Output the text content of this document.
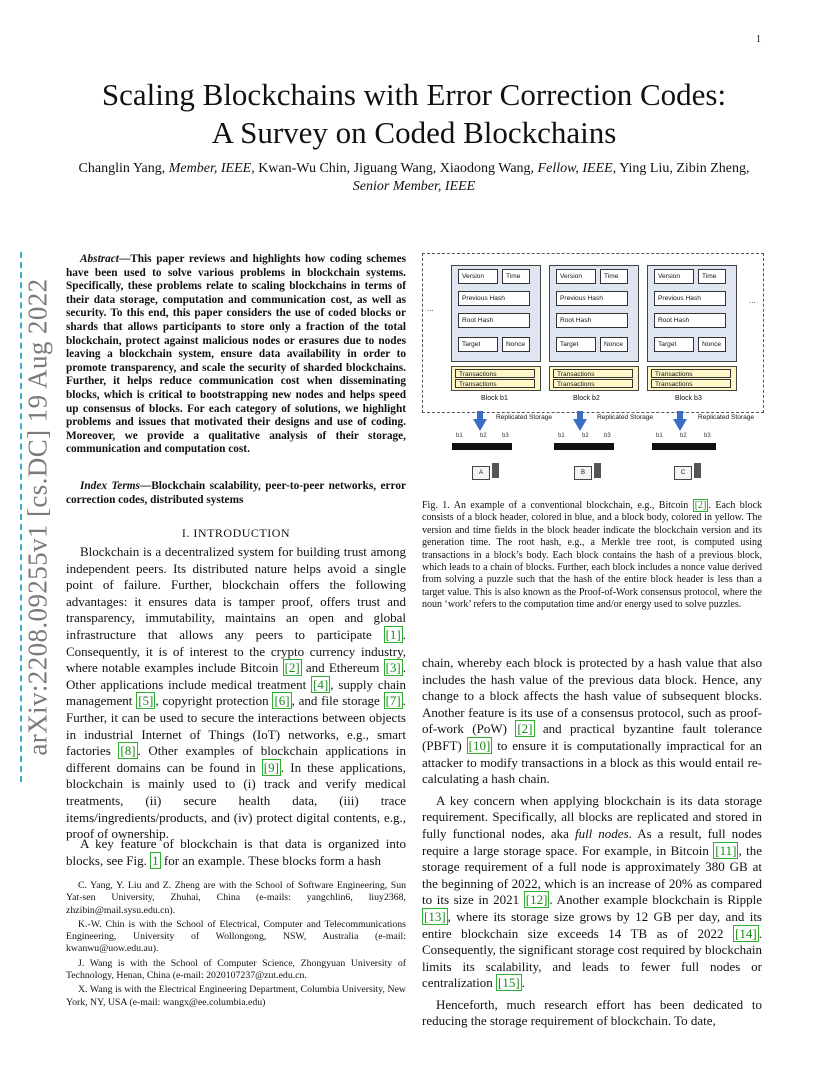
1
arXiv:2208.09255v1 [cs.DC] 19 Aug 2022
Scaling Blockchains with Error Correction Codes:
A Survey on Coded Blockchains
Changlin Yang, Member, IEEE, Kwan-Wu Chin, Jiguang Wang, Xiaodong Wang, Fellow, IEEE, Ying Liu, Zibin Zheng, Senior Member, IEEE

Abstract—This paper reviews and highlights how coding schemes have been used to solve various problems in blockchain systems. Specifically, these problems relate to scaling blockchains in terms of their data storage, computation and communication cost, as well as security. To this end, this paper considers the use of coded blocks or shards that allows participants to store only a fraction of the total blockchain, protect against malicious nodes or erasures due to nodes leaving a blockchain system, ensure data availability in order to promote transparency, and scale the security of sharded blockchains. Further, it helps reduce communication cost when disseminating blocks, which is critical to bootstrapping new nodes and helps speed up consensus of blocks. For each category of solutions, we highlight problems and issues that motivated their designs and use of coding. Moreover, we provide a qualitative analysis of their storage, communication and computation cost.

Index Terms—Blockchain scalability, peer-to-peer networks, error correction codes, distributed systems

I. INTRODUCTION

Blockchain is a decentralized system for building trust among independent peers. Its distributed nature helps avoid a single point of failure. Further, blockchain offers the following advantages: it ensures data is tamper proof, offers trust and transparency, immutability, maintains an open and global infrastructure that allows any peers to participate [1] . Consequently, it is of interest to the crypto currency industry, where notable examples include Bitcoin [2] and Ethereum [3] . Other applications include medical treatment [4] , supply chain management [5] , copyright protection [6] , and file storage [7] . Further, it can be used to secure the interactions between objects in industrial Internet of Things (IoT) networks, e.g., smart factories [8] . Other examples of blockchain applications in different domains can be found in [9] . In these applications, blockchain is mainly used to (i) track and verify medical treatments, (ii) secure health data, (iii) trace items/ingredients/products, and (iv) protect digital contents, e.g., proof of ownership.

A key feature of blockchain is that data is organized into blocks, see Fig. 1 for an example. These blocks form a hash

C. Yang, Y. Liu and Z. Zheng are with the School of Software Engineering, Sun Yat-sen University, Zhuhai, China (e-mails: yangchlin6, liuy2368, zhzibin@mail.sysu.edu.cn).

K.-W. Chin is with the School of Electrical, Computer and Telecommunications Engineering, University of Wollongong, NSW, Australia (e-mail: kwanwu@uow.edu.au).

J. Wang is with the School of Computer Science, Zhongyuan University of Technology, Henan, China (e-mail: 2020107237@zut.edu.cn.

X. Wang is with the Electrical Engineering Department, Columbia University, New York, NY, USA (e-mail: wangx@ee.columbia.edu)

...
...
Version	Time
Previous Hash
Root Hash
Target	Nonce
Transactions
Transactions
Block b1
Version	Time
Previous Hash
Root Hash
Target	Nonce
Transactions
Transactions
Block b2
Version	Time
Previous Hash
Root Hash
Target	Nonce
Transactions
Transactions
Block b3
Replicated Storage	Replicated Storage	Replicated Storage
b1	b2	b3
A
b1	b2	b3
B
b1	b2	b3
C
Fig. 1. An example of a conventional blockchain, e.g., Bitcoin [2] . Each block consists of a block header, colored in blue, and a block body, colored in yellow. The version and time fields in the block header indicate the blockchain version and its generation time. The root hash, e.g., a Merkle tree root, is computed using transactions in a block’s body. Each block contains the hash of a previous block, which leads to a chain of blocks. Further, each block includes a nonce value derived from solving a puzzle such that the hash of the entire block header is less than a target value. This is also known as the Proof-of-Work consensus protocol, where the noun ‘work’ refers to the computation time and/or energy used to solve puzzles.

chain, whereby each block is protected by a hash value that also includes the hash value of the previous data block. Hence, any change to a block affects the hash value of subsequent blocks. Another feature is its use of a consensus protocol, such as proof-of-work (PoW) [2] and practical byzantine fault tolerance (PBFT) [10] to ensure it is computationally impractical for an attacker to modify transactions in a block as this would entail re-calculating a hash chain.

A key concern when applying blockchain is its data storage requirement. Specifically, all blocks are replicated and stored in fully functional nodes, aka full nodes. As a result, full nodes require a large storage space. For example, in Bitcoin [11] , the storage requirement of a full node is approximately 380 GB at the beginning of 2022, which is an increase of 20% as compared to its size in 2021 [12] . Another example blockchain is Ripple [13] , where its storage size grows by 12 GB per day, and its entire blockchain size exceeds 14 TB as of 2022 [14] . Consequently, the significant storage cost required by blockchain limits its scalability, and leads to fewer full nodes or centralization [15] .

Henceforth, much research effort has been dedicated to reducing the storage requirement of blockchain. To date,
